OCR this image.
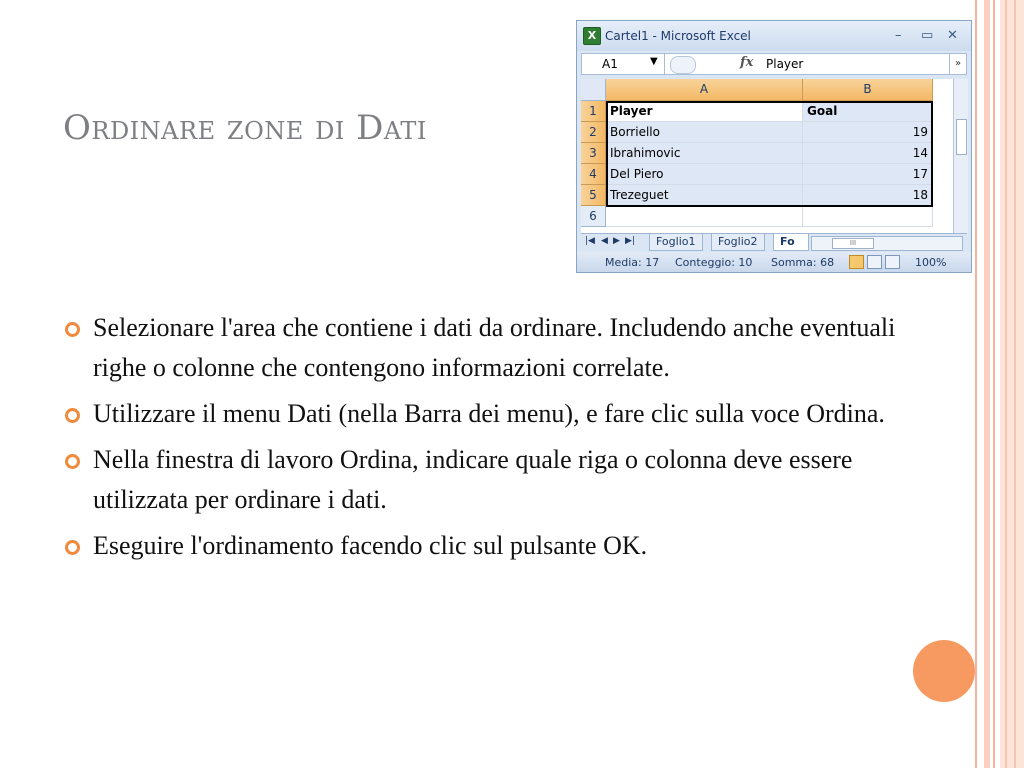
Ordinare zone di Dati
Selezionare l'area che contiene i dati da ordinare. Includendo anche eventuali righe o colonne che contengono informazioni correlate.
Utilizzare il menu Dati (nella Barra dei menu), e fare clic sulla voce Ordina.
Nella finestra di lavoro Ordina, indicare quale riga o colonna deve essere utilizzata per ordinare i dati.
Eseguire l'ordinamento facendo clic sul pulsante OK.
X Cartel1 - Microsoft Excel	– ▭ ✕
A1	▼	fx Player	»
A	B
1
2
3
4
5
6
Player	Goal
Borriello	19
Ibrahimovic	14
Del Piero	17
Trezeguet	18
|◀ ◀ ▶ ▶|	Foglio1	Foglio2	Fo	III
Media: 17 Conteggio: 10 Somma: 68	100%
